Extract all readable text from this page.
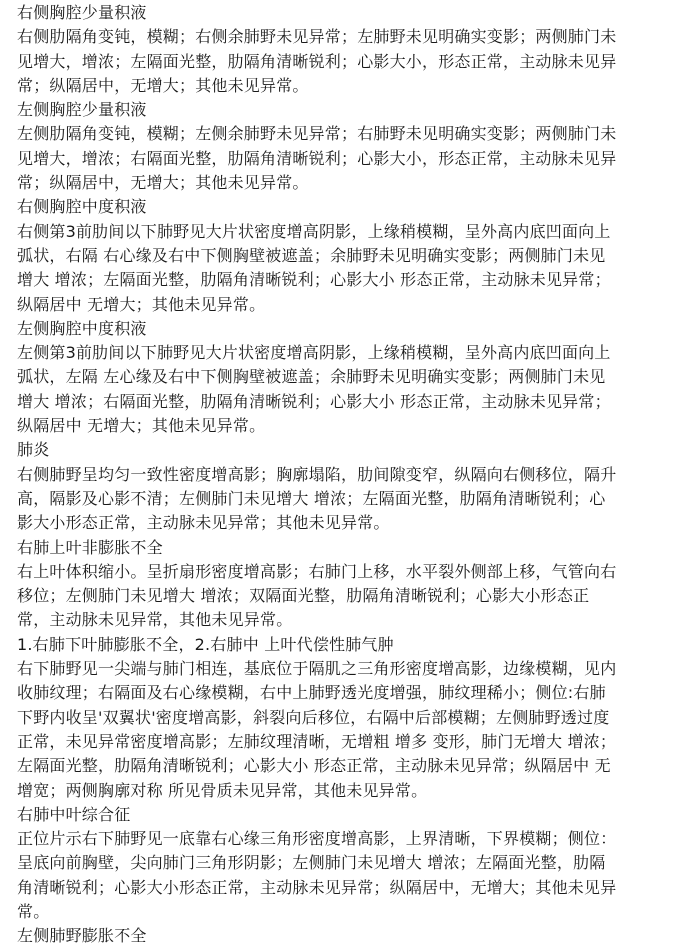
右侧胸腔少量积液
右侧肋隔角变钝，模糊；右侧余肺野未见异常；左肺野未见明确实变影；两侧肺门未
见增大，增浓；左隔面光整，肋隔角清晰锐利；心影大小，形态正常，主动脉未见异
常；纵隔居中，无增大；其他未见异常。
左侧胸腔少量积液
左侧肋隔角变钝，模糊；左侧余肺野未见异常；右肺野未见明确实变影；两侧肺门未
见增大，增浓；右隔面光整，肋隔角清晰锐利；心影大小，形态正常，主动脉未见异
常；纵隔居中，无增大；其他未见异常。
右侧胸腔中度积液
右侧第3前肋间以下肺野见大片状密度增高阴影，上缘稍模糊，呈外高内底凹面向上
弧状，右隔 右心缘及右中下侧胸壁被遮盖；余肺野未见明确实变影；两侧肺门未见
增大 增浓；左隔面光整，肋隔角清晰锐利；心影大小 形态正常，主动脉未见异常；
纵隔居中 无增大；其他未见异常。
左侧胸腔中度积液
左侧第3前肋间以下肺野见大片状密度增高阴影，上缘稍模糊，呈外高内底凹面向上
弧状，左隔 左心缘及右中下侧胸壁被遮盖；余肺野未见明确实变影；两侧肺门未见
增大 增浓；右隔面光整，肋隔角清晰锐利；心影大小 形态正常，主动脉未见异常；
纵隔居中 无增大；其他未见异常。
肺炎
右侧肺野呈均匀一致性密度增高影；胸廓塌陷，肋间隙变窄，纵隔向右侧移位，隔升
高，隔影及心影不清；左侧肺门未见增大 增浓；左隔面光整，肋隔角清晰锐利；心
影大小形态正常，主动脉未见异常；其他未见异常。
右肺上叶非膨胀不全
右上叶体积缩小。呈折扇形密度增高影；右肺门上移，水平裂外侧部上移，气管向右
移位；左侧肺门未见增大 增浓；双隔面光整，肋隔角清晰锐利；心影大小形态正
常，主动脉未见异常，其他未见异常。
1.右肺下叶肺膨胀不全，2.右肺中 上叶代偿性肺气肿
右下肺野见一尖端与肺门相连，基底位于隔肌之三角形密度增高影，边缘模糊，见内
收肺纹理；右隔面及右心缘模糊，右中上肺野透光度增强，肺纹理稀小；侧位:右肺
下野内收呈'双翼状'密度增高影，斜裂向后移位，右隔中后部模糊；左侧肺野透过度
正常，未见异常密度增高影；左肺纹理清晰，无增粗 增多 变形，肺门无增大 增浓；
左隔面光整，肋隔角清晰锐利；心影大小 形态正常，主动脉未见异常；纵隔居中 无
增宽；两侧胸廓对称 所见骨质未见异常，其他未见异常。
右肺中叶综合征
正位片示右下肺野见一底靠右心缘三角形密度增高影，上界清晰，下界模糊；侧位：
呈底向前胸壁，尖向肺门三角形阴影；左侧肺门未见增大 增浓；左隔面光整，肋隔
角清晰锐利；心影大小形态正常，主动脉未见异常；纵隔居中，无增大；其他未见异
常。
左侧肺野膨胀不全
